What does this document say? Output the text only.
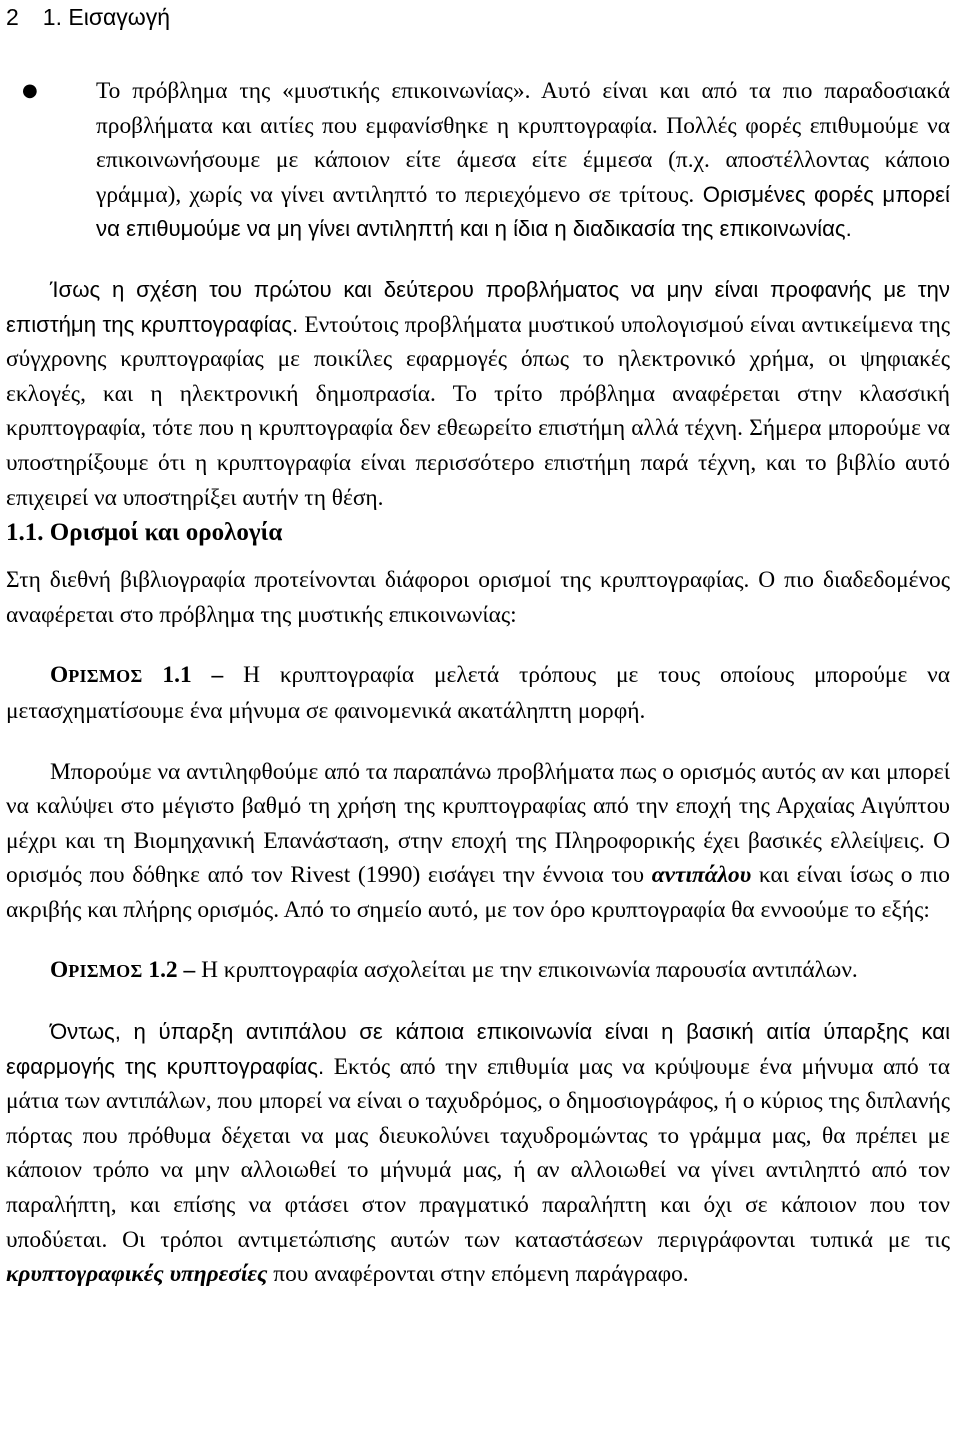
2 1. Εισαγωγή
● Το πρόβλημα της «μυστικής επικοινωνίας». Αυτό είναι και από τα πιο παραδοσιακά προβλήματα και αιτίες που εμφανίσθηκε η κρυπτογραφία. Πολλές φορές επιθυμούμε να επικοινωνήσουμε με κάποιον είτε άμεσα είτε έμμεσα (π.χ. αποστέλλοντας κάποιο γράμμα), χωρίς να γίνει αντιληπτό το περιεχόμενο σε τρίτους. Ορισμένες φορές μπορεί να επιθυμούμε να μη γίνει αντιληπτή και η ίδια η διαδικασία της επικοινωνίας.

Ίσως η σχέση του πρώτου και δεύτερου προβλήματος να μην είναι προφανής με την επιστήμη της κρυπτογραφίας. Εντούτοις προβλήματα μυστικού υπολογισμού είναι αντικείμενα της σύγχρονης κρυπτογραφίας με ποικίλες εφαρμογές όπως το ηλεκτρονικό χρήμα, οι ψηφιακές εκλογές, και η ηλεκτρονική δημοπρασία. Το τρίτο πρόβλημα αναφέρεται στην κλασσική κρυπτογραφία, τότε που η κρυπτογραφία δεν εθεωρείτο επιστήμη αλλά τέχνη. Σήμερα μπορούμε να υποστηρίξουμε ότι η κρυπτογραφία είναι περισσότερο επιστήμη παρά τέχνη, και το βιβλίο αυτό επιχειρεί να υποστηρίξει αυτήν τη θέση.

1.1. Ορισμοί και ορολογία

Στη διεθνή βιβλιογραφία προτείνονται διάφοροι ορισμοί της κρυπτογραφίας. Ο πιο διαδεδομένος αναφέρεται στο πρόβλημα της μυστικής επικοινωνίας:

ΟΡΙΣΜΟΣ 1.1 – Η κρυπτογραφία μελετά τρόπους με τους οποίους μπορούμε να μετασχηματίσουμε ένα μήνυμα σε φαινομενικά ακατάληπτη μορφή.

Μπορούμε να αντιληφθούμε από τα παραπάνω προβλήματα πως ο ορισμός αυτός αν και μπορεί να καλύψει στο μέγιστο βαθμό τη χρήση της κρυπτογραφίας από την εποχή της Αρχαίας Αιγύπτου μέχρι και τη Βιομηχανική Επανάσταση, στην εποχή της Πληροφορικής έχει βασικές ελλείψεις. Ο ορισμός που δόθηκε από τον Rivest (1990) εισάγει την έννοια του αντιπάλου και είναι ίσως ο πιο ακριβής και πλήρης ορισμός. Από το σημείο αυτό, με τον όρο κρυπτογραφία θα εννοούμε το εξής:

ΟΡΙΣΜΟΣ 1.2 – Η κρυπτογραφία ασχολείται με την επικοινωνία παρουσία αντιπάλων.

Όντως, η ύπαρξη αντιπάλου σε κάποια επικοινωνία είναι η βασική αιτία ύπαρξης και εφαρμογής της κρυπτογραφίας. Εκτός από την επιθυμία μας να κρύψουμε ένα μήνυμα από τα μάτια των αντιπάλων, που μπορεί να είναι ο ταχυδρόμος, ο δημοσιογράφος, ή ο κύριος της διπλανής πόρτας που πρόθυμα δέχεται να μας διευκολύνει ταχυδρομώντας το γράμμα μας, θα πρέπει με κάποιον τρόπο να μην αλλοιωθεί το μήνυμά μας, ή αν αλλοιωθεί να γίνει αντιληπτό από τον παραλήπτη, και επίσης να φτάσει στον πραγματικό παραλήπτη και όχι σε κάποιον που τον υποδύεται. Οι τρόποι αντιμετώπισης αυτών των καταστάσεων περιγράφονται τυπικά με τις κρυπτογραφικές υπηρεσίες που αναφέρονται στην επόμενη παράγραφο.
